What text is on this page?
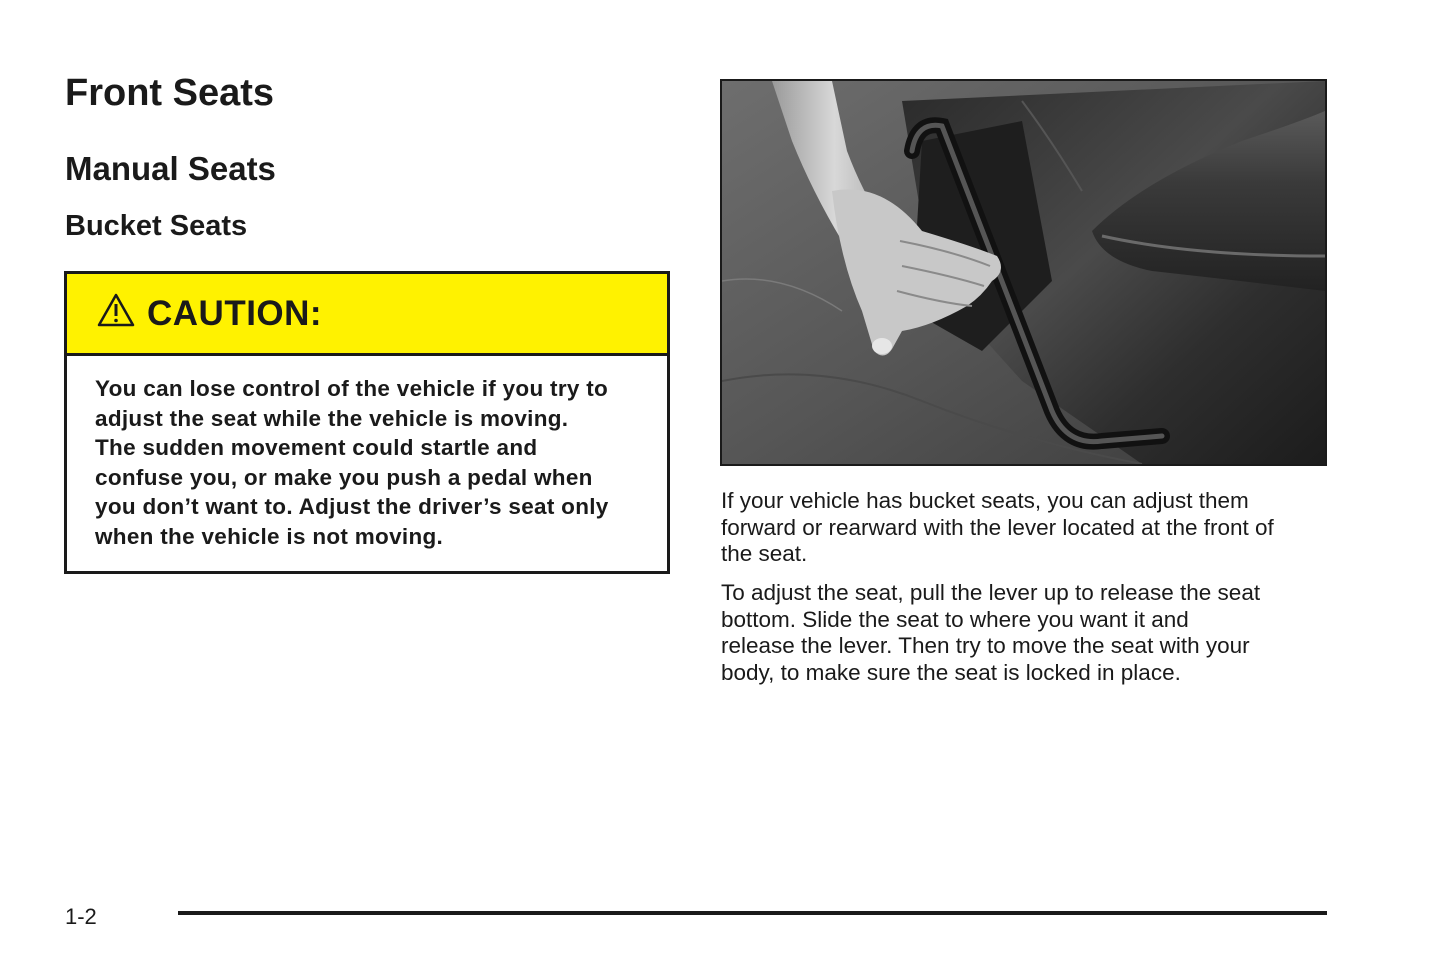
Front Seats
Manual Seats
Bucket Seats
CAUTION:
You can lose control of the vehicle if you try to
adjust the seat while the vehicle is moving.
The sudden movement could startle and
confuse you, or make you push a pedal when
you don’t want to. Adjust the driver’s seat only
when the vehicle is not moving.
If your vehicle has bucket seats, you can adjust them
forward or rearward with the lever located at the front of
the seat.
To adjust the seat, pull the lever up to release the seat
bottom. Slide the seat to where you want it and
release the lever. Then try to move the seat with your
body, to make sure the seat is locked in place.
1-2
